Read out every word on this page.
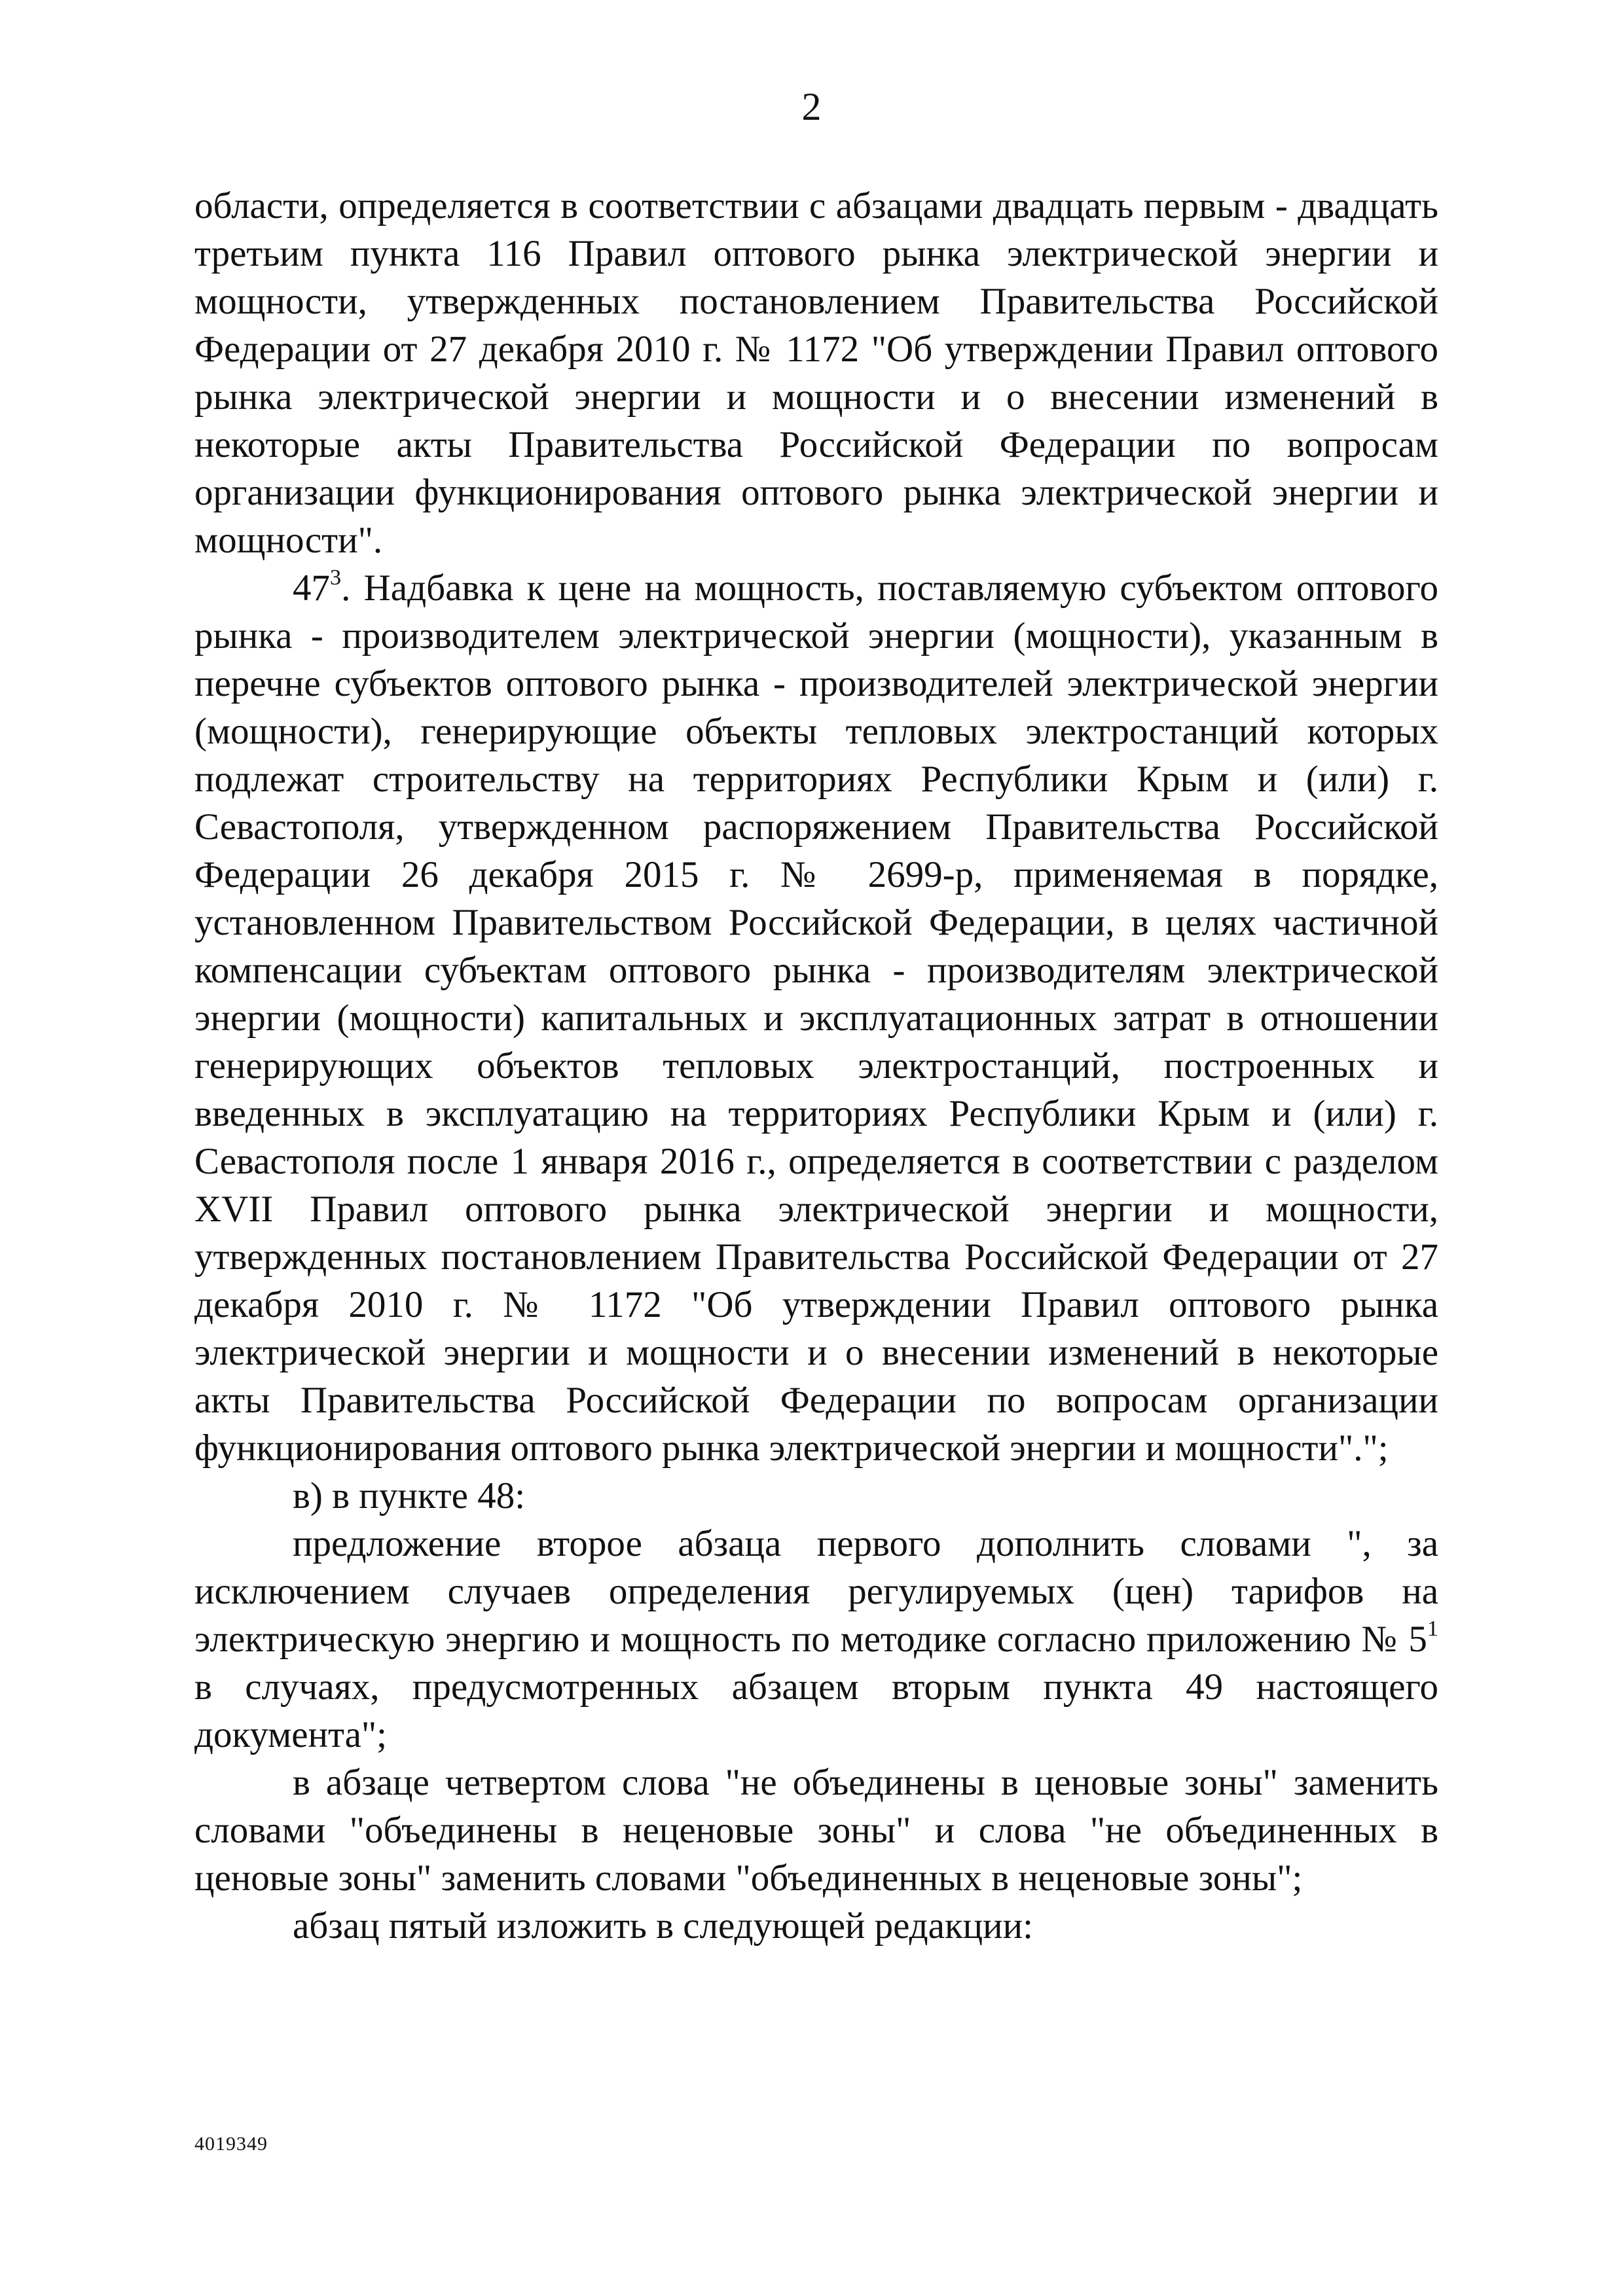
2

области, определяется в соответствии с абзацами двадцать первым - двадцать третьим пункта 116 Правил оптового рынка электрической энергии и мощности, утвержденных постановлением Правительства Российской Федерации от 27 декабря 2010 г. № 1172 "Об утверждении Правил оптового рынка электрической энергии и мощности и о внесении изменений в некоторые акты Правительства Российской Федерации по вопросам организации функционирования оптового рынка электрической энергии и мощности".

$47^3$. Надбавка к цене на мощность, поставляемую субъектом оптового рынка - производителем электрической энергии (мощности), указанным в перечне субъектов оптового рынка - производителей электрической энергии (мощности), генерирующие объекты тепловых электростанций которых подлежат строительству на территориях Республики Крым и (или) г. Севастополя, утвержденном распоряжением Правительства Российской Федерации 26 декабря 2015 г. № 2699-р, применяемая в порядке, установленном Правительством Российской Федерации, в целях частичной компенсации субъектам оптового рынка - производителям электрической энергии (мощности) капитальных и эксплуатационных затрат в отношении генерирующих объектов тепловых электростанций, построенных и введенных в эксплуатацию на территориях Республики Крым и (или) г. Севастополя после 1 января 2016 г., определяется в соответствии с разделом XVII Правил оптового рынка электрической энергии и мощности, утвержденных постановлением Правительства Российской Федерации от 27 декабря 2010 г. № 1172 "Об утверждении Правил оптового рынка электрической энергии и мощности и о внесении изменений в некоторые акты Правительства Российской Федерации по вопросам организации функционирования оптового рынка электрической энергии и мощности".";

в) в пункте 48:

предложение второе абзаца первого дополнить словами ", за исключением случаев определения регулируемых (цен) тарифов на электрическую энергию и мощность по методике согласно приложению № $5^1$ в случаях, предусмотренных абзацем вторым пункта 49 настоящего документа";

в абзаце четвертом слова "не объединены в ценовые зоны" заменить словами "объединены в неценовые зоны" и слова "не объединенных в ценовые зоны" заменить словами "объединенных в неценовые зоны";

абзац пятый изложить в следующей редакции:

4019349
